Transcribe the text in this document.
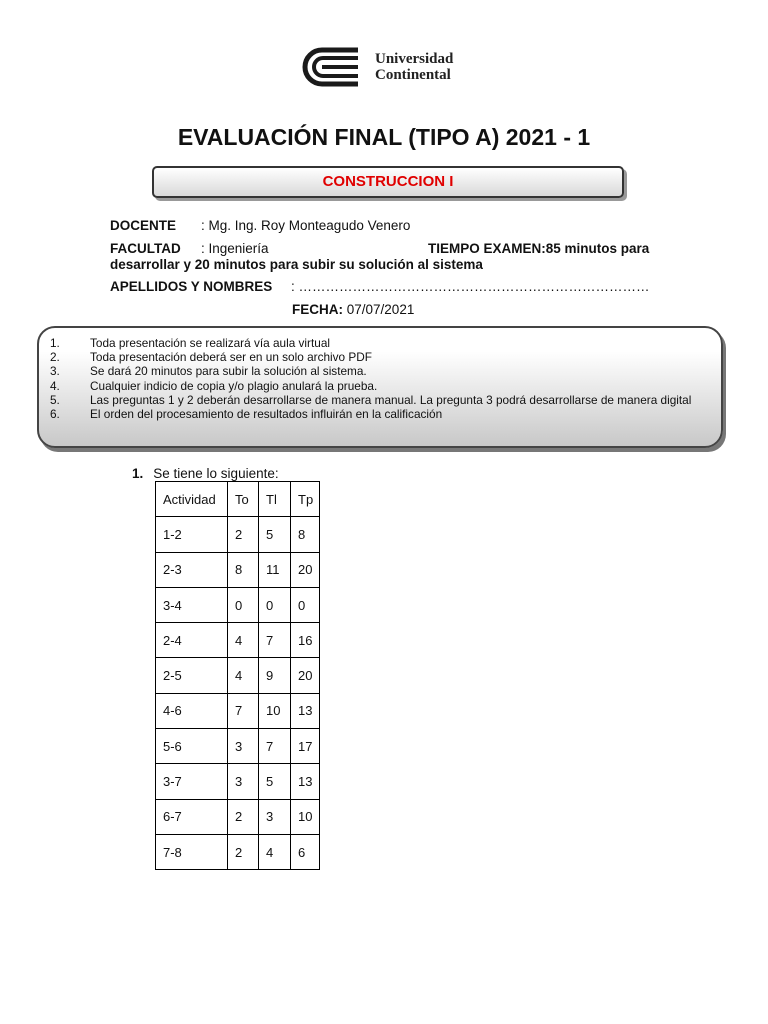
Universidad
Continental
EVALUACIÓN FINAL (TIPO A) 2021 - 1
CONSTRUCCION I
DOCENTE : Mg. Ing. Roy Monteagudo Venero
FACULTAD : Ingeniería	TIEMPO EXAMEN:85 minutos para
desarrollar y 20 minutos para subir su solución al sistema
APELLIDOS Y NOMBRES : ……………………………………………………………………
FECHA: 07/07/2021
1.	Toda presentación se realizará vía aula virtual
2.	Toda presentación deberá ser en un solo archivo PDF
3.	Se dará 20 minutos para subir la solución al sistema.
4.	Cualquier indicio de copia y/o plagio anulará la prueba.
5.	Las preguntas 1 y 2 deberán desarrollarse de manera manual. La pregunta 3 podrá desarrollarse de manera digital
6.	El orden del procesamiento de resultados influirán en la calificación
1. Se tiene lo siguiente:
Actividad	To	Tl	Tp
1-2	2	5	8
2-3	8	11	20
3-4	0	0	0
2-4	4	7	16
2-5	4	9	20
4-6	7	10	13
5-6	3	7	17
3-7	3	5	13
6-7	2	3	10
7-8	2	4	6
